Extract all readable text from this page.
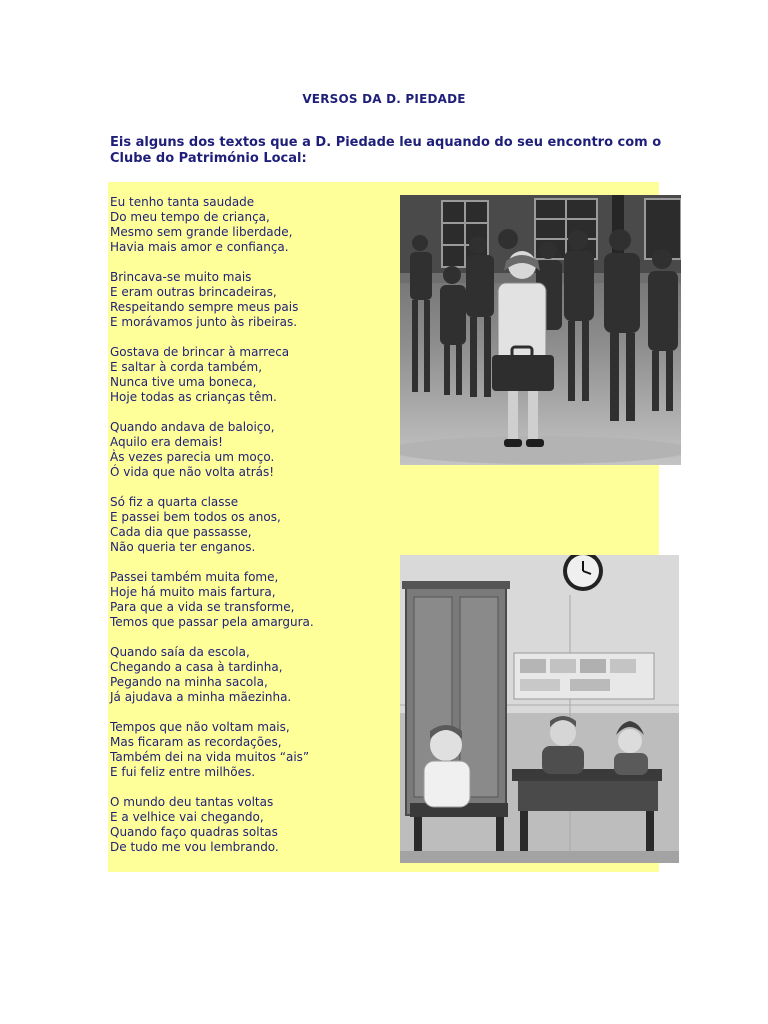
VERSOS DA D. PIEDADE
Eis alguns dos textos que a D. Piedade leu aquando do seu encontro com o Clube do Património Local:
Eu tenho tanta saudade
Do meu tempo de criança,
Mesmo sem grande liberdade,
Havia mais amor e confiança.
Brincava-se muito mais
E eram outras brincadeiras,
Respeitando sempre meus pais
E morávamos junto às ribeiras.
Gostava de brincar à marreca
E saltar à corda também,
Nunca tive uma boneca,
Hoje todas as crianças têm.
Quando andava de baloiço,
Aquilo era demais!
Às vezes parecia um moço.
Ó vida que não volta atrás!
Só fiz a quarta classe
E passei bem todos os anos,
Cada dia que passasse,
Não queria ter enganos.
Passei também muita fome,
Hoje há muito mais fartura,
Para que a vida se transforme,
Temos que passar pela amargura.
Quando saía da escola,
Chegando a casa à tardinha,
Pegando na minha sacola,
Já ajudava a minha mãezinha.
Tempos que não voltam mais,
Mas ficaram as recordações,
Também dei na vida muitos “ais”
E fui feliz entre milhões.
O mundo deu tantas voltas
E a velhice vai chegando,
Quando faço quadras soltas
De tudo me vou lembrando.
